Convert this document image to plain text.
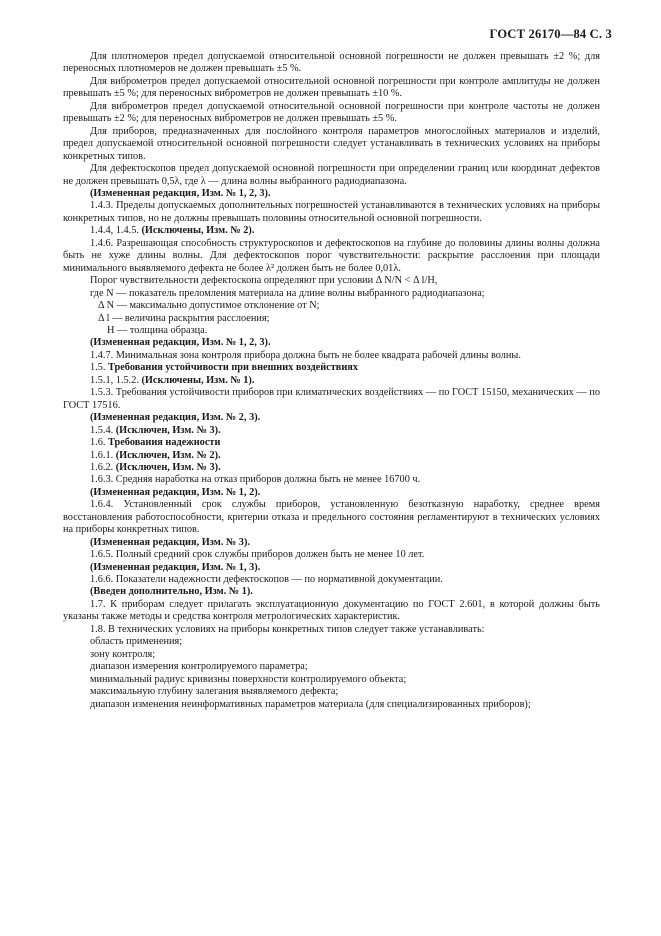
ГОСТ 26170—84 С. 3

Для плотномеров предел допускаемой относительной основной погрешности не должен превышать ±2 %; для переносных плотномеров не должен превышать ±5 %.

Для виброметров предел допускаемой относительной основной погрешности при контроле амплитуды не должен превышать ±5 %; для переносных виброметров не должен превышать ±10 %.

Для виброметров предел допускаемой относительной основной погрешности при контроле частоты не должен превышать ±2 %; для переносных виброметров не должен превышать ±5 %.

Для приборов, предназначенных для послойного контроля параметров многослойных материалов и изделий, предел допускаемой относительной основной погрешности следует устанавливать в технических условиях на приборы конкретных типов.

Для дефектоскопов предел допускаемой основной погрешности при определении границ или координат дефектов не должен превышать 0,5λ, где λ — длина волны выбранного радиодиапазона.

(Измененная редакция, Изм. № 1, 2, 3).

1.4.3. Пределы допускаемых дополнительных погрешностей устанавливаются в технических условиях на приборы конкретных типов, но не должны превышать половины относительной основной погрешности.

1.4.4, 1.4.5. (Исключены, Изм. № 2).

1.4.6. Разрешающая способность структуроскопов и дефектоскопов на глубине до половины длины волны должна быть не хуже длины волны. Для дефектоскопов порог чувствительности: раскрытие расслоения при площади минимального выявляемого дефекта не более λ² должен быть не более 0,01λ.

Порог чувствительности дефектоскопа определяют при условии Δ N/N < Δ l/H,

где N — показатель преломления материала на длине волны выбранного радиодиапазона;

Δ N — максимально допустимое отклонение от N;

Δ l — величина раскрытия расслоения;

H — толщина образца.

(Измененная редакция, Изм. № 1, 2, 3).

1.4.7. Минимальная зона контроля прибора должна быть не более квадрата рабочей длины волны.

1.5. Требования устойчивости при внешних воздействиях

1.5.1, 1.5.2. (Исключены, Изм. № 1).

1.5.3. Требования устойчивости приборов при климатических воздействиях — по ГОСТ 15150, механических — по ГОСТ 17516.

(Измененная редакция, Изм. № 2, 3).

1.5.4. (Исключен, Изм. № 3).

1.6. Требования надежности

1.6.1. (Исключен, Изм. № 2).

1.6.2. (Исключен, Изм. № 3).

1.6.3. Средняя наработка на отказ приборов должна быть не менее 16700 ч.

(Измененная редакция, Изм. № 1, 2).

1.6.4. Установленный срок службы приборов, установленную безотказную наработку, среднее время восстановления работоспособности, критерии отказа и предельного состояния регламентируют в технических условиях на приборы конкретных типов.

(Измененная редакция, Изм. № 3).

1.6.5. Полный средний срок службы приборов должен быть не менее 10 лет.

(Измененная редакция, Изм. № 1, 3).

1.6.6. Показатели надежности дефектоскопов — по нормативной документации.

(Введен дополнительно, Изм. № 1).

1.7. К приборам следует прилагать эксплуатационную документацию по ГОСТ 2.601, в которой должны быть указаны также методы и средства контроля метрологических характеристик.

1.8. В технических условиях на приборы конкретных типов следует также устанавливать:

область применения;

зону контроля;

диапазон измерения контролируемого параметра;

минимальный радиус кривизны поверхности контролируемого объекта;

максимальную глубину залегания выявляемого дефекта;

диапазон изменения неинформативных параметров материала (для специализированных приборов);
